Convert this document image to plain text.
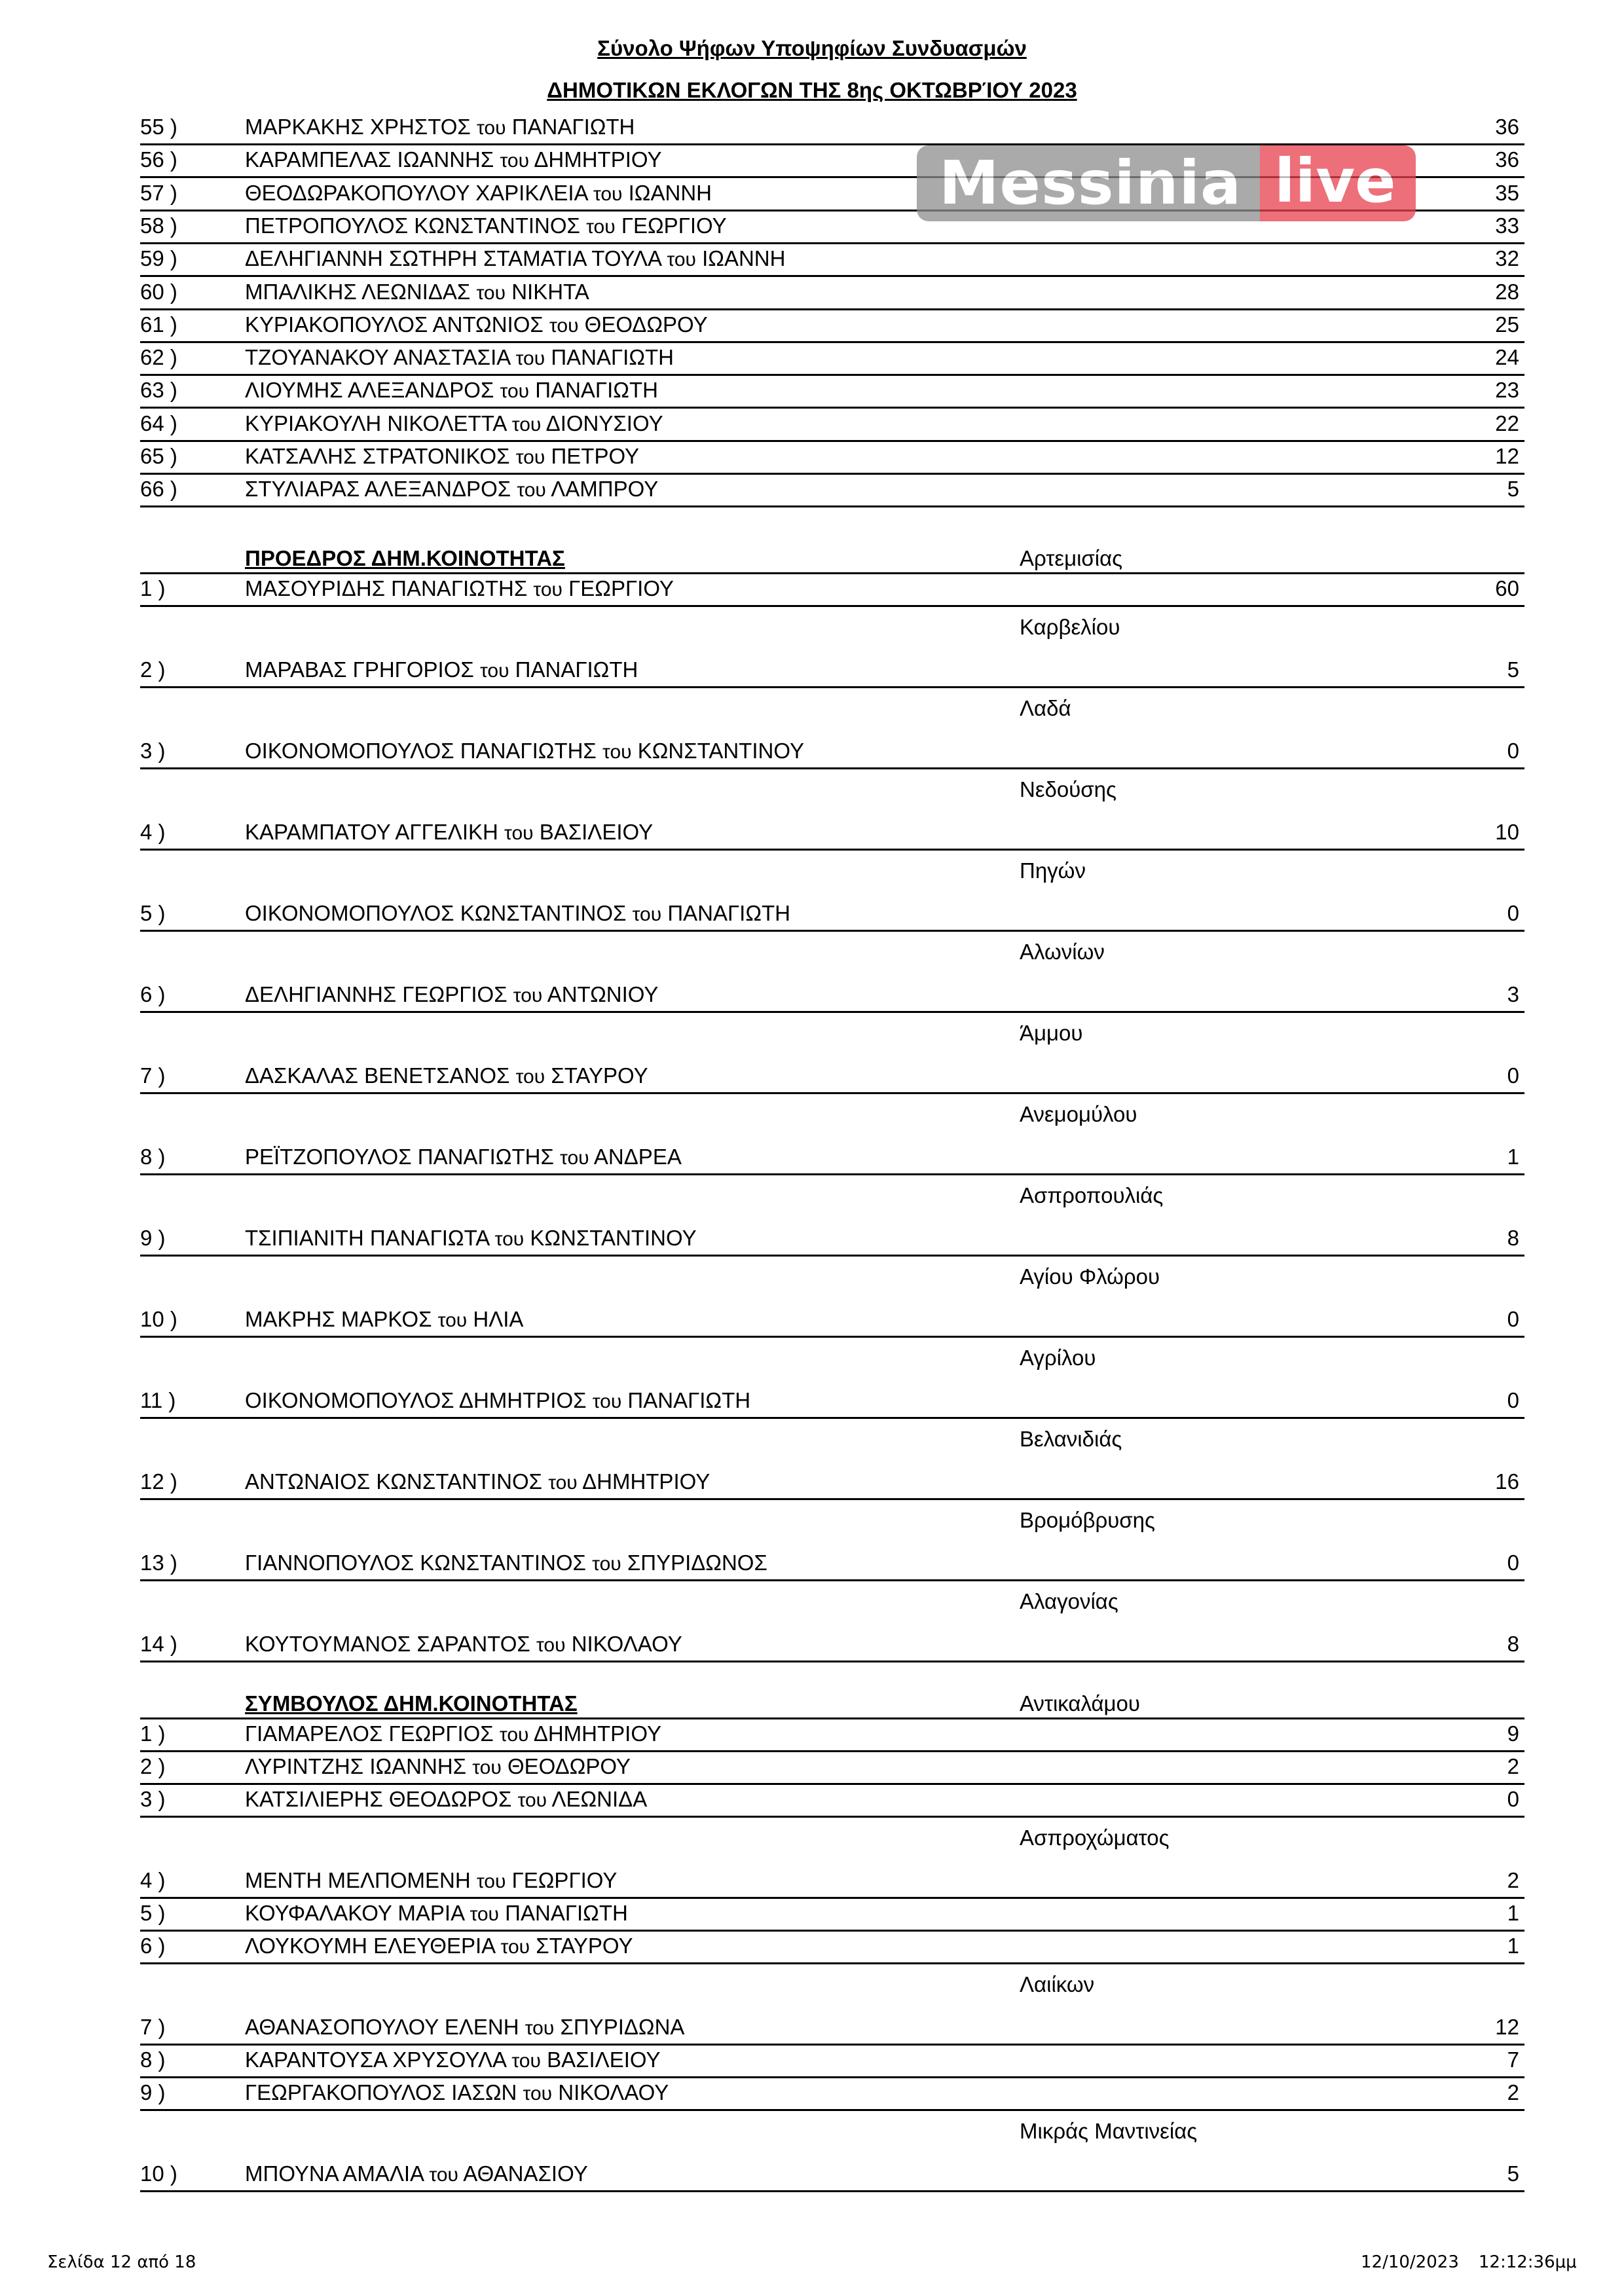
Σύνολο Ψήφων Υποψηφίων Συνδυασμών
ΔΗΜΟΤΙΚΩΝ ΕΚΛΟΓΩΝ ΤΗΣ 8ης ΟΚΤΩΒΡΊΟΥ 2023
55 )	ΜΑΡΚΑΚΗΣ ΧΡΗΣΤΟΣ του ΠΑΝΑΓΙΩΤΗ	36
56 )	ΚΑΡΑΜΠΕΛΑΣ ΙΩΑΝΝΗΣ του ΔΗΜΗΤΡΙΟΥ	36
57 )	ΘΕΟΔΩΡΑΚΟΠΟΥΛΟΥ ΧΑΡΙΚΛΕΙΑ του ΙΩΑΝΝΗ	35
58 )	ΠΕΤΡΟΠΟΥΛΟΣ ΚΩΝΣΤΑΝΤΙΝΟΣ του ΓΕΩΡΓΙΟΥ	33
59 )	ΔΕΛΗΓΙΑΝΝΗ ΣΩΤΗΡΗ ΣΤΑΜΑΤΙΑ ΤΟΥΛΑ του ΙΩΑΝΝΗ	32
60 )	ΜΠΑΛΙΚΗΣ ΛΕΩΝΙΔΑΣ του ΝΙΚΗΤΑ	28
61 )	ΚΥΡΙΑΚΟΠΟΥΛΟΣ ΑΝΤΩΝΙΟΣ του ΘΕΟΔΩΡΟΥ	25
62 )	ΤΖΟΥΑΝΑΚΟΥ ΑΝΑΣΤΑΣΙΑ του ΠΑΝΑΓΙΩΤΗ	24
63 )	ΛΙΟΥΜΗΣ ΑΛΕΞΑΝΔΡΟΣ του ΠΑΝΑΓΙΩΤΗ	23
64 )	ΚΥΡΙΑΚΟΥΛΗ ΝΙΚΟΛΕΤΤΑ του ΔΙΟΝΥΣΙΟΥ	22
65 )	ΚΑΤΣΑΛΗΣ ΣΤΡΑΤΟΝΙΚΟΣ του ΠΕΤΡΟΥ	12
66 )	ΣΤΥΛΙΑΡΑΣ ΑΛΕΞΑΝΔΡΟΣ του ΛΑΜΠΡΟΥ	5
ΠΡΟΕΔΡΟΣ ΔΗΜ.ΚΟΙΝΟΤΗΤΑΣ	Αρτεμισίας
1 )	ΜΑΣΟΥΡΙΔΗΣ ΠΑΝΑΓΙΩΤΗΣ του ΓΕΩΡΓΙΟΥ	60
Καρβελίου
2 )	ΜΑΡΑΒΑΣ ΓΡΗΓΟΡΙΟΣ του ΠΑΝΑΓΙΩΤΗ	5
Λαδά
3 )	ΟΙΚΟΝΟΜΟΠΟΥΛΟΣ ΠΑΝΑΓΙΩΤΗΣ του ΚΩΝΣΤΑΝΤΙΝΟΥ	0
Νεδούσης
4 )	ΚΑΡΑΜΠΑΤΟΥ ΑΓΓΕΛΙΚΗ του ΒΑΣΙΛΕΙΟΥ	10
Πηγών
5 )	ΟΙΚΟΝΟΜΟΠΟΥΛΟΣ ΚΩΝΣΤΑΝΤΙΝΟΣ του ΠΑΝΑΓΙΩΤΗ	0
Αλωνίων
6 )	ΔΕΛΗΓΙΑΝΝΗΣ ΓΕΩΡΓΙΟΣ του ΑΝΤΩΝΙΟΥ	3
Άμμου
7 )	ΔΑΣΚΑΛΑΣ ΒΕΝΕΤΣΑΝΟΣ του ΣΤΑΥΡΟΥ	0
Ανεμομύλου
8 )	ΡΕΪΤΖΟΠΟΥΛΟΣ ΠΑΝΑΓΙΩΤΗΣ του ΑΝΔΡΕΑ	1
Ασπροπουλιάς
9 )	ΤΣΙΠΙΑΝΙΤΗ ΠΑΝΑΓΙΩΤΑ του ΚΩΝΣΤΑΝΤΙΝΟΥ	8
Αγίου Φλώρου
10 )	ΜΑΚΡΗΣ ΜΑΡΚΟΣ του ΗΛΙΑ	0
Αγρίλου
11 )	ΟΙΚΟΝΟΜΟΠΟΥΛΟΣ ΔΗΜΗΤΡΙΟΣ του ΠΑΝΑΓΙΩΤΗ	0
Βελανιδιάς
12 )	ΑΝΤΩΝΑΙΟΣ ΚΩΝΣΤΑΝΤΙΝΟΣ του ΔΗΜΗΤΡΙΟΥ	16
Βρομόβρυσης
13 )	ΓΙΑΝΝΟΠΟΥΛΟΣ ΚΩΝΣΤΑΝΤΙΝΟΣ του ΣΠΥΡΙΔΩΝΟΣ	0
Αλαγονίας
14 )	ΚΟΥΤΟΥΜΑΝΟΣ ΣΑΡΑΝΤΟΣ του ΝΙΚΟΛΑΟΥ	8
ΣΥΜΒΟΥΛΟΣ ΔΗΜ.ΚΟΙΝΟΤΗΤΑΣ	Αντικαλάμου
1 )	ΓΙΑΜΑΡΕΛΟΣ ΓΕΩΡΓΙΟΣ του ΔΗΜΗΤΡΙΟΥ	9
2 )	ΛΥΡΙΝΤΖΗΣ ΙΩΑΝΝΗΣ του ΘΕΟΔΩΡΟΥ	2
3 )	ΚΑΤΣΙΛΙΕΡΗΣ ΘΕΟΔΩΡΟΣ του ΛΕΩΝΙΔΑ	0
Ασπροχώματος
4 )	ΜΕΝΤΗ ΜΕΛΠΟΜΕΝΗ του ΓΕΩΡΓΙΟΥ	2
5 )	ΚΟΥΦΑΛΑΚΟΥ ΜΑΡΙΑ του ΠΑΝΑΓΙΩΤΗ	1
6 )	ΛΟΥΚΟΥΜΗ ΕΛΕΥΘΕΡΙΑ του ΣΤΑΥΡΟΥ	1
Λαιίκων
7 )	ΑΘΑΝΑΣΟΠΟΥΛΟΥ ΕΛΕΝΗ του ΣΠΥΡΙΔΩΝΑ	12
8 )	ΚΑΡΑΝΤΟΥΣΑ ΧΡΥΣΟΥΛΑ του ΒΑΣΙΛΕΙΟΥ	7
9 )	ΓΕΩΡΓΑΚΟΠΟΥΛΟΣ ΙΑΣΩΝ του ΝΙΚΟΛΑΟΥ	2
Μικράς Μαντινείας
10 )	ΜΠΟΥΝΑ ΑΜΑΛΙΑ του ΑΘΑΝΑΣΙΟΥ	5
Messinia live
Σελίδα 12 από 18	12/10/2023 12:12:36μμ
